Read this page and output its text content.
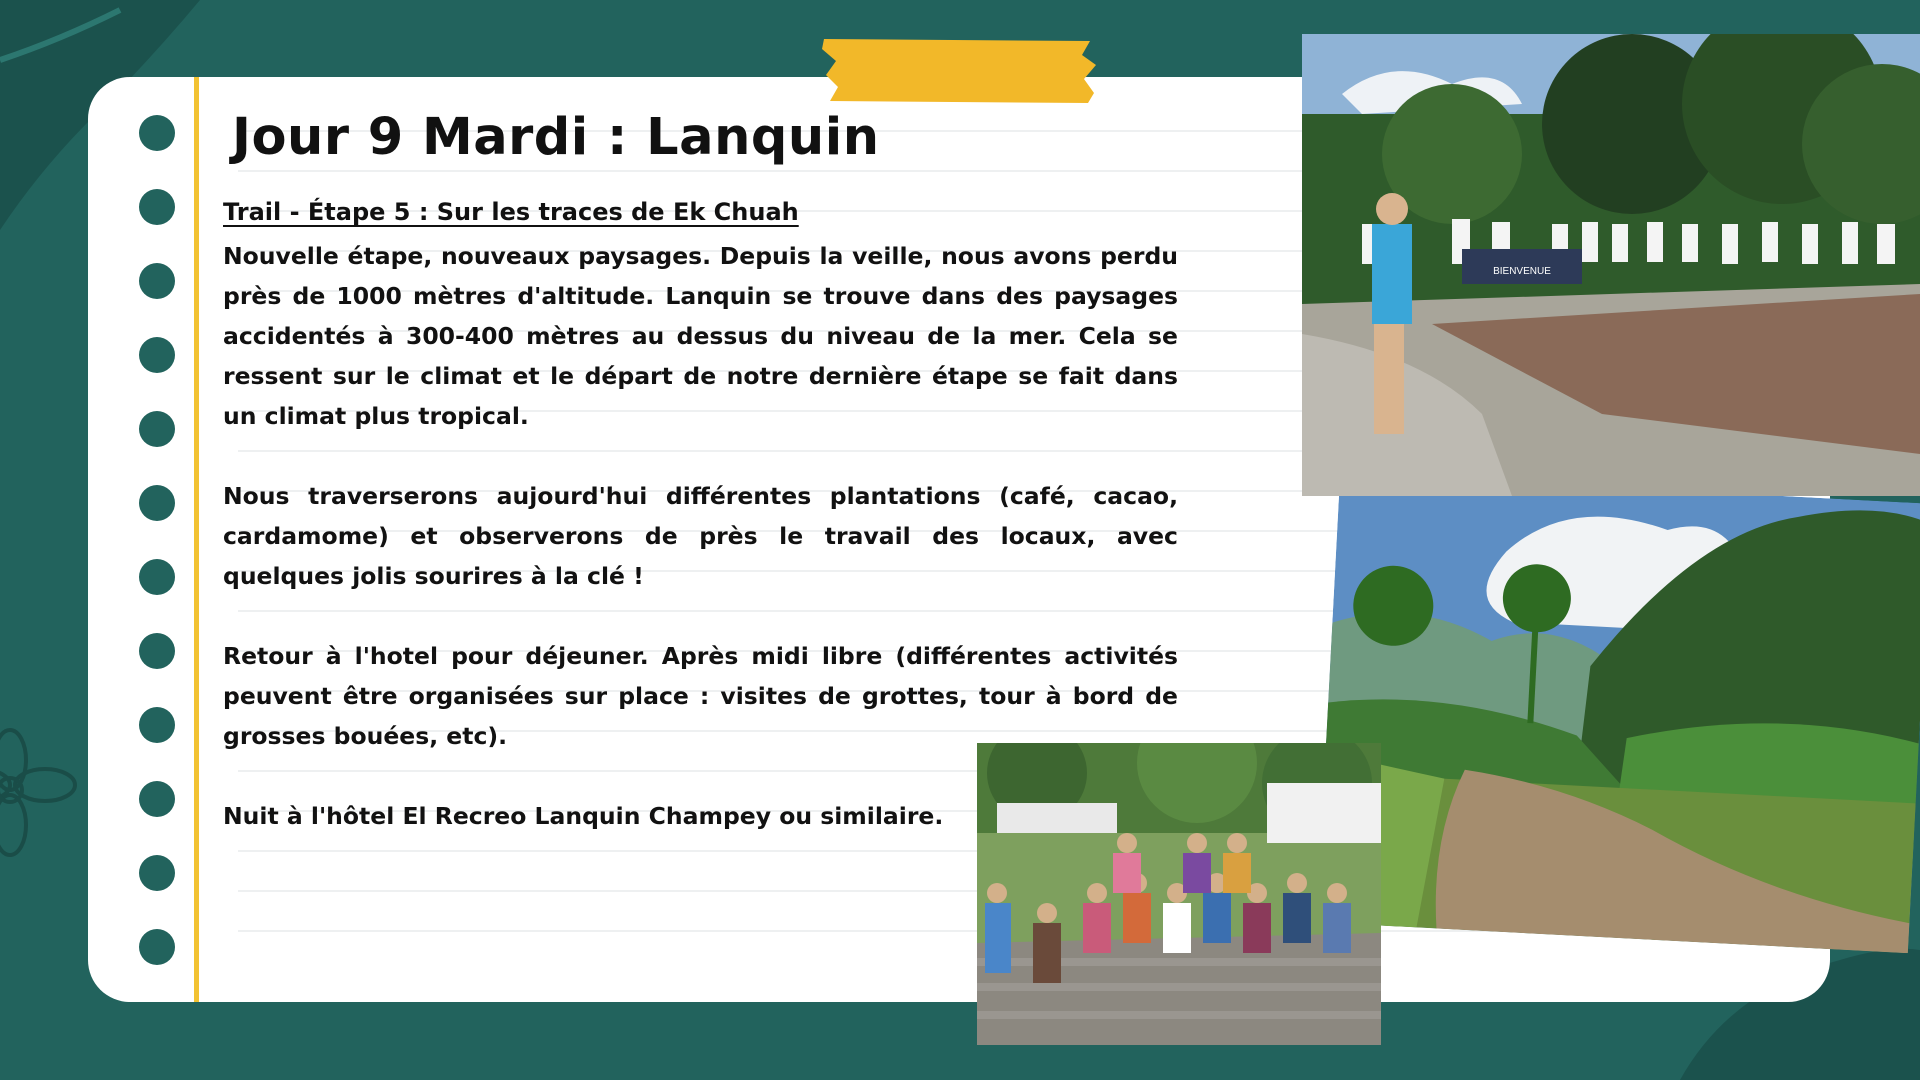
Jour 9 Mardi : Lanquin
Trail - Étape 5 : Sur les traces de Ek Chuah

Nouvelle étape, nouveaux paysages. Depuis la veille, nous avons perdu près de 1000 mètres d'altitude. Lanquin se trouve dans des paysages accidentés à 300-400 mètres au dessus du niveau de la mer. Cela se ressent sur le climat et le départ de notre dernière étape se fait dans un climat plus tropical.

Nous traverserons aujourd'hui différentes plantations (café, cacao, cardamome) et observerons de près le travail des locaux, avec quelques jolis sourires à la clé !

Retour à l'hotel pour déjeuner. Après midi libre (différentes activités peuvent être organisées sur place : visites de grottes, tour à bord de grosses bouées, etc).

Nuit à l'hôtel El Recreo Lanquin Champey ou similaire.

BIENVENUE
